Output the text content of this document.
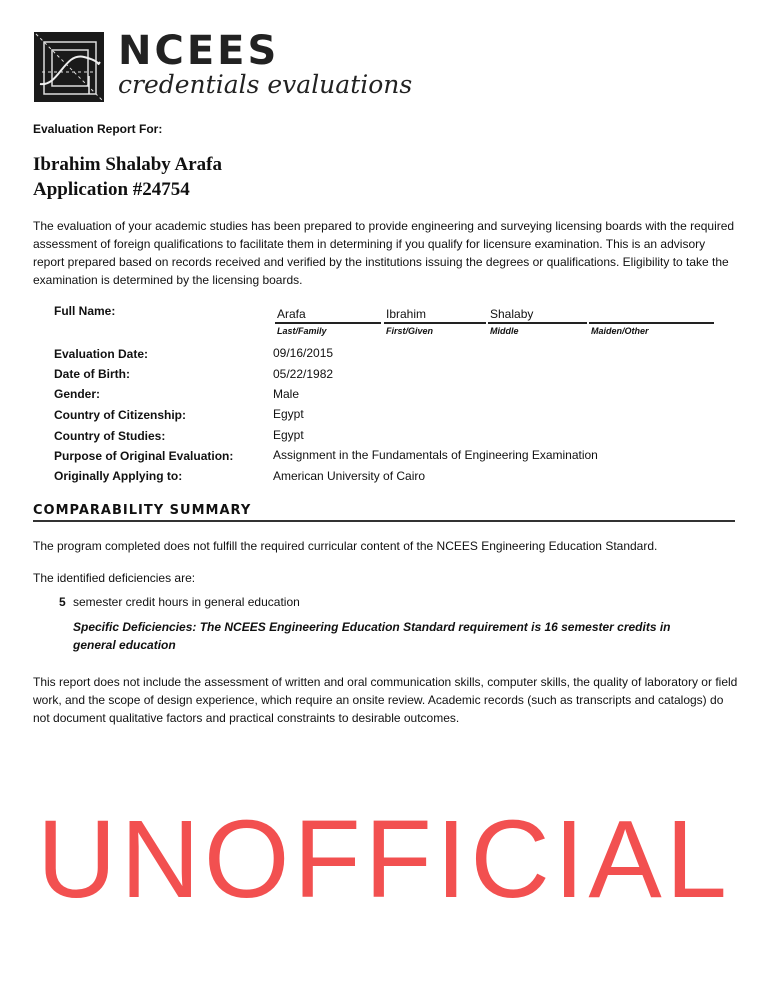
NCEES
credentials evaluations
Evaluation Report For:
Ibrahim Shalaby Arafa
Application #24754
The evaluation of your academic studies has been prepared to provide engineering and surveying licensing boards with the required assessment of foreign qualifications to facilitate them in determining if you qualify for licensure examination. This is an advisory report prepared based on records received and verified by the institutions issuing the degrees or qualifications. Eligibility to take the examination is determined by the licensing boards.
Full Name:	Arafa	Ibrahim	Shalaby
Last/Family	First/Given	Middle	Maiden/Other
Evaluation Date:	09/16/2015
Date of Birth:	05/22/1982
Gender:	Male
Country of Citizenship:	Egypt
Country of Studies:	Egypt
Purpose of Original Evaluation:	Assignment in the Fundamentals of Engineering Examination
Originally Applying to:	American University of Cairo
COMPARABILITY SUMMARY
The program completed does not fulfill the required curricular content of the NCEES Engineering Education Standard.
The identified deficiencies are:
5 semester credit hours in general education
Specific Deficiencies: The NCEES Engineering Education Standard requirement is 16 semester credits in general education
This report does not include the assessment of written and oral communication skills, computer skills, the quality of laboratory or field work, and the scope of design experience, which require an onsite review. Academic records (such as transcripts and catalogs) do not document qualitative factors and practical constraints to desirable outcomes.
UNOFFICIAL
